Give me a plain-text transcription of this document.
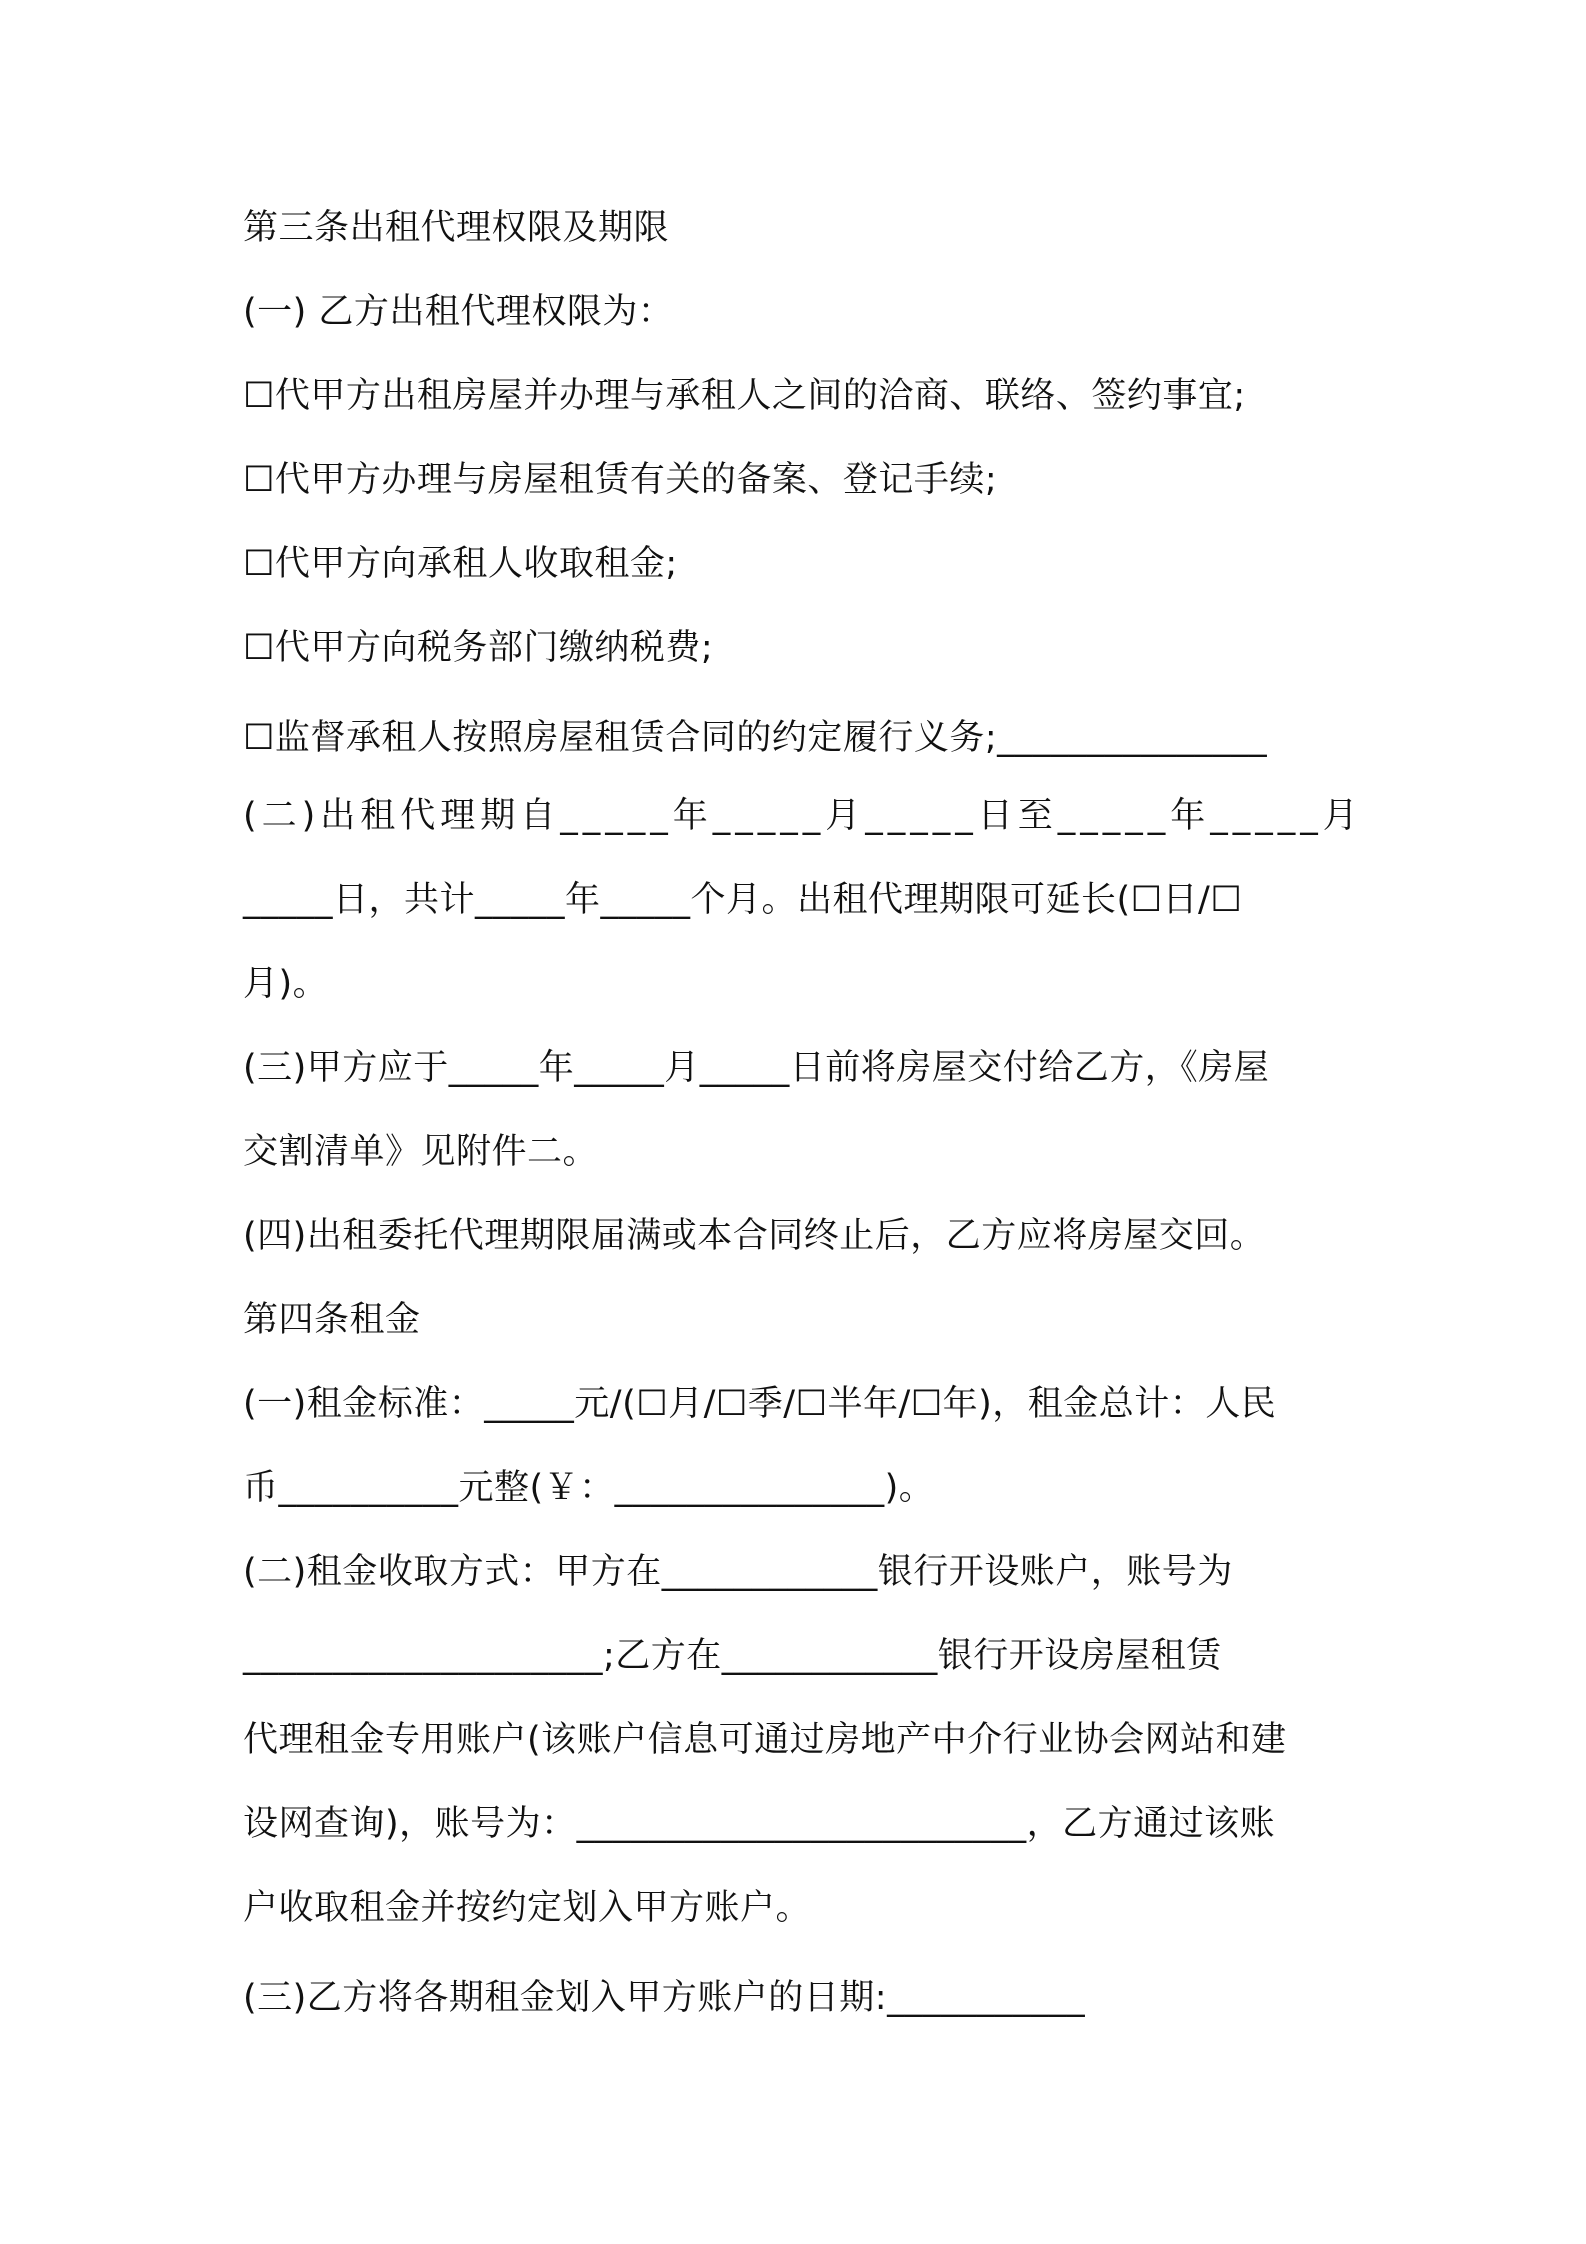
第三条出租代理权限及期限
(一) 乙方出租代理权限为：
☐代甲方出租房屋并办理与承租人之间的洽商、联络、签约事宜;
☐代甲方办理与房屋租赁有关的备案、登记手续;
☐代甲方向承租人收取租金;
☐代甲方向税务部门缴纳税费;
☐监督承租人按照房屋租赁合同的约定履行义务;_______________
(二)出租代理期自_____年_____月_____日至_____年_____月
_____日，共计_____年_____个月。出租代理期限可延长(☐日/☐
月)。
(三)甲方应于_____年_____月_____日前将房屋交付给乙方，《房屋
交割清单》见附件二。
(四)出租委托代理期限届满或本合同终止后，乙方应将房屋交回。
第四条租金
(一)租金标准：_____元/(☐月/☐季/☐半年/☐年)，租金总计：人民
币__________元整(￥：_______________)。
(二)租金收取方式：甲方在____________银行开设账户，账号为
____________________;乙方在____________银行开设房屋租赁
代理租金专用账户(该账户信息可通过房地产中介行业协会网站和建
设网查询)，账号为：_________________________，乙方通过该账
户收取租金并按约定划入甲方账户。
(三)乙方将各期租金划入甲方账户的日期:___________
